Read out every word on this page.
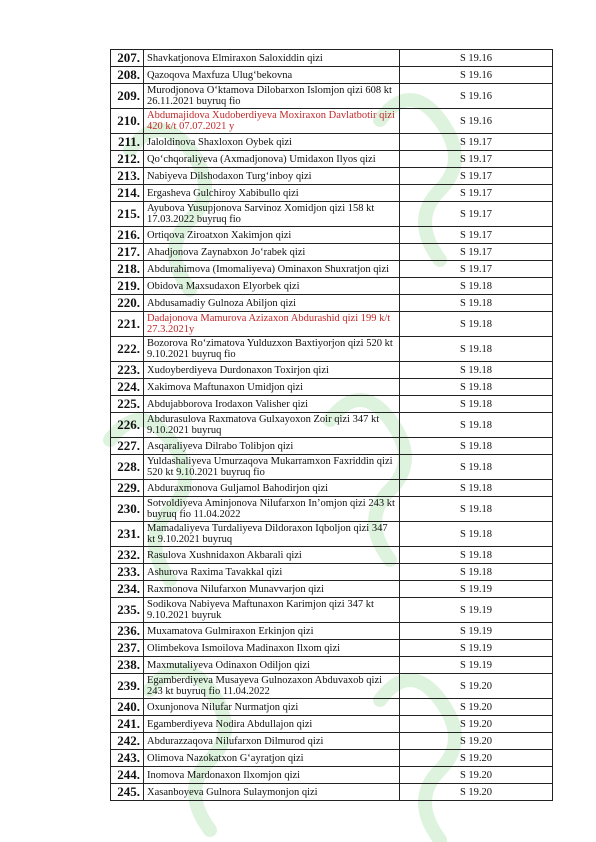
207.	Shavkatjonova Elmiraxon Saloxiddin qizi	S 19.16
208.	Qazoqova Maxfuza Ulug‘bekovna	S 19.16
209.	Murodjonova O‘ktamova Dilobarxon Islomjon qizi 608 kt 26.11.2021 buyruq fio	S 19.16
210.	Abdumajidova Xudoberdiyeva Moxiraxon Davlatbotir qizi 420 k/t 07.07.2021 y	S 19.16
211.	Jaloldinova Shaxloxon Oybek qizi	S 19.17
212.	Qo‘chqoraliyeva (Axmadjonova) Umidaxon Ilyos qizi	S 19.17
213.	Nabiyeva Dilshodaxon Turg‘inboy qizi	S 19.17
214.	Ergasheva Gulchiroy Xabibullo qizi	S 19.17
215.	Ayubova Yusupjonova Sarvinoz Xomidjon qizi 158 kt 17.03.2022 buyruq fio	S 19.17
216.	Ortiqova Ziroatxon Xakimjon qizi	S 19.17
217.	Ahadjonova Zaynabxon Jo‘rabek qizi	S 19.17
218.	Abdurahimova (Imomaliyeva) Ominaxon Shuxratjon qizi	S 19.17
219.	Obidova Maxsudaxon Elyorbek qizi	S 19.18
220.	Abdusamadiy Gulnoza Abiljon qizi	S 19.18
221.	Dadajonova Mamurova Azizaxon Abdurashid qizi 199 k/t 27.3.2021y	S 19.18
222.	Bozorova Ro‘zimatova Yulduzxon Baxtiyorjon qizi 520 kt 9.10.2021 buyruq fio	S 19.18
223.	Xudoyberdiyeva Durdonaxon Toxirjon qizi	S 19.18
224.	Xakimova Maftunaxon Umidjon qizi	S 19.18
225.	Abdujabborova Irodaxon Valisher qizi	S 19.18
226.	Abdurasulova Raxmatova Gulxayoxon Zoir qizi 347 kt 9.10.2021 buyruq	S 19.18
227.	Asqaraliyeva Dilrabo Tolibjon qizi	S 19.18
228.	Yuldashaliyeva Umurzaqova Mukarramxon Faxriddin qizi 520 kt 9.10.2021 buyruq fio	S 19.18
229.	Abduraxmonova Guljamol Bahodirjon qizi	S 19.18
230.	Sotvoldiyeva Aminjonova Nilufarxon In’omjon qizi 243 kt buyruq fio 11.04.2022	S 19.18
231.	Mamadaliyeva Turdaliyeva Dildoraxon Iqboljon qizi 347 kt 9.10.2021 buyruq	S 19.18
232.	Rasulova Xushnidaxon Akbarali qizi	S 19.18
233.	Ashurova Raxima Tavakkal qizi	S 19.18
234.	Raxmonova Nilufarxon Munavvarjon qizi	S 19.19
235.	Sodikova Nabiyeva Maftunaxon Karimjon qizi 347 kt 9.10.2021 buyruk	S 19.19
236.	Muxamatova Gulmiraxon Erkinjon qizi	S 19.19
237.	Olimbekova Ismoilova Madinaxon Ilxom qizi	S 19.19
238.	Maxmutaliyeva Odinaxon Odiljon qizi	S 19.19
239.	Egamberdiyeva Musayeva Gulnozaxon Abduvaxob qizi 243 kt buyruq fio 11.04.2022	S 19.20
240.	Oxunjonova Nilufar Nurmatjon qizi	S 19.20
241.	Egamberdiyeva Nodira Abdullajon qizi	S 19.20
242.	Abdurazzaqova Nilufarxon Dilmurod qizi	S 19.20
243.	Olimova Nazokatxon G‘ayratjon qizi	S 19.20
244.	Inomova Mardonaxon Ilxomjon qizi	S 19.20
245.	Xasanboyeva Gulnora Sulaymonjon qizi	S 19.20
